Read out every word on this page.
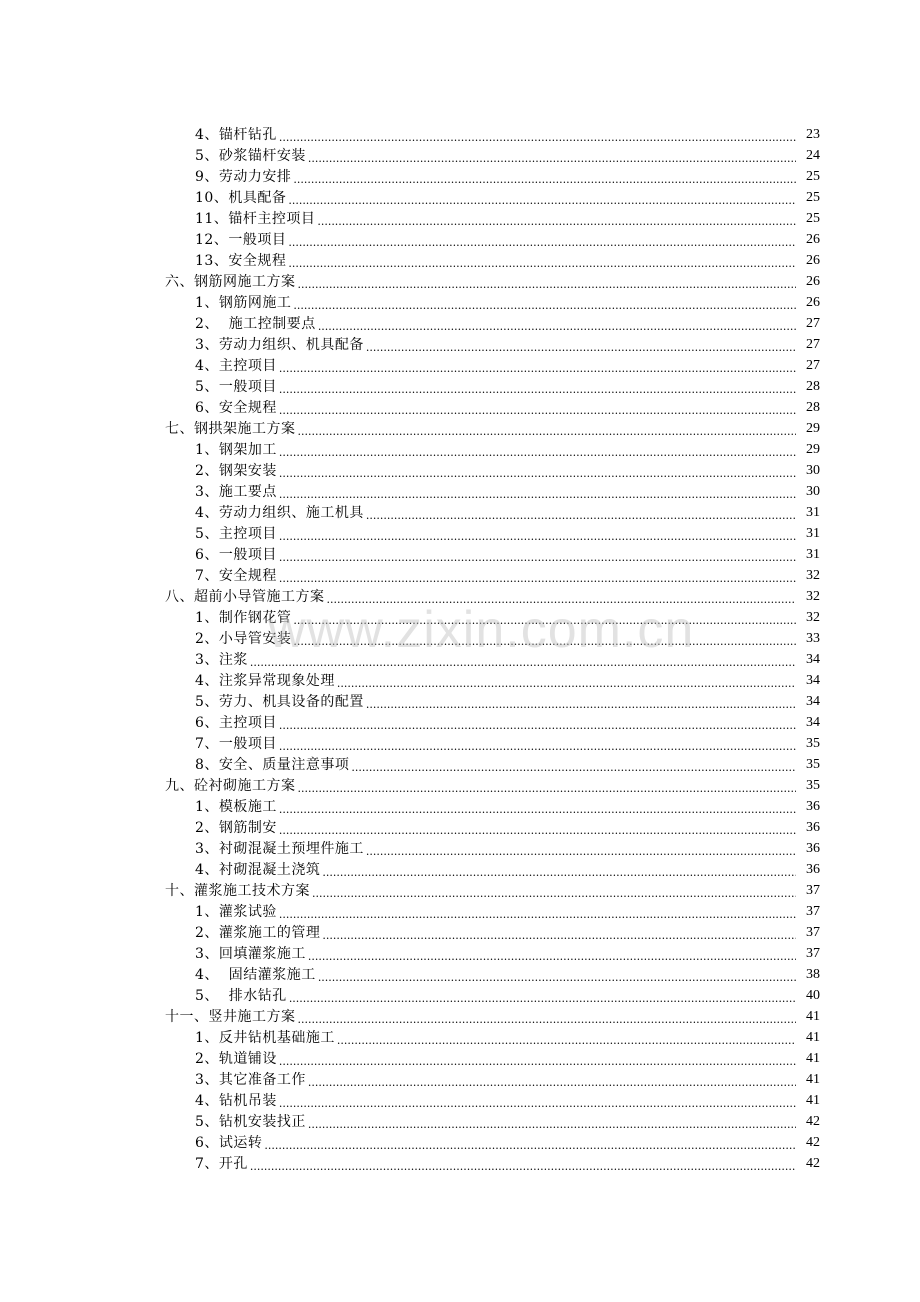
4、锚杆钻孔 .....	23
5、砂浆锚杆安装 .....	24
9、劳动力安排 .....	25
10、机具配备 .....	25
11、锚杆主控项目 .....	25
12、一般项目 .....	26
13、安全规程 .....	26
六、钢筋网施工方案 .....	26
1、钢筋网施工 .....	26
2、  施工控制要点 .....	27
3、劳动力组织、机具配备 .....	27
4、主控项目 .....	27
5、一般项目 .....	28
6、安全规程 .....	28
七、钢拱架施工方案 .....	29
1、钢架加工 .....	29
2、钢架安装 .....	30
3、施工要点 .....	30
4、劳动力组织、施工机具 .....	31
5、主控项目 .....	31
6、一般项目 .....	31
7、安全规程 .....	32
八、超前小导管施工方案 .....	32
1、制作钢花管 .....	32
2、小导管安装 .....	33
3、注浆 .....	34
4、注浆异常现象处理 .....	34
5、劳力、机具设备的配置 .....	34
6、主控项目 .....	34
7、一般项目 .....	35
8、安全、质量注意事项 .....	35
九、砼衬砌施工方案 .....	35
1、模板施工 .....	36
2、钢筋制安 .....	36
3、衬砌混凝土预埋件施工 .....	36
4、衬砌混凝土浇筑 .....	36
十、灌浆施工技术方案 .....	37
1、灌浆试验 .....	37
2、灌浆施工的管理 .....	37
3、回填灌浆施工 .....	37
4、  固结灌浆施工 .....	38
5、  排水钻孔 .....	40
十一、竖井施工方案 .....	41
1、反井钻机基础施工 .....	41
2、轨道铺设 .....	41
3、其它准备工作 .....	41
4、钻机吊装 .....	41
5、钻机安装找正 .....	42
6、试运转 .....	42
7、开孔 .....	42
www.zixin.com.cn
